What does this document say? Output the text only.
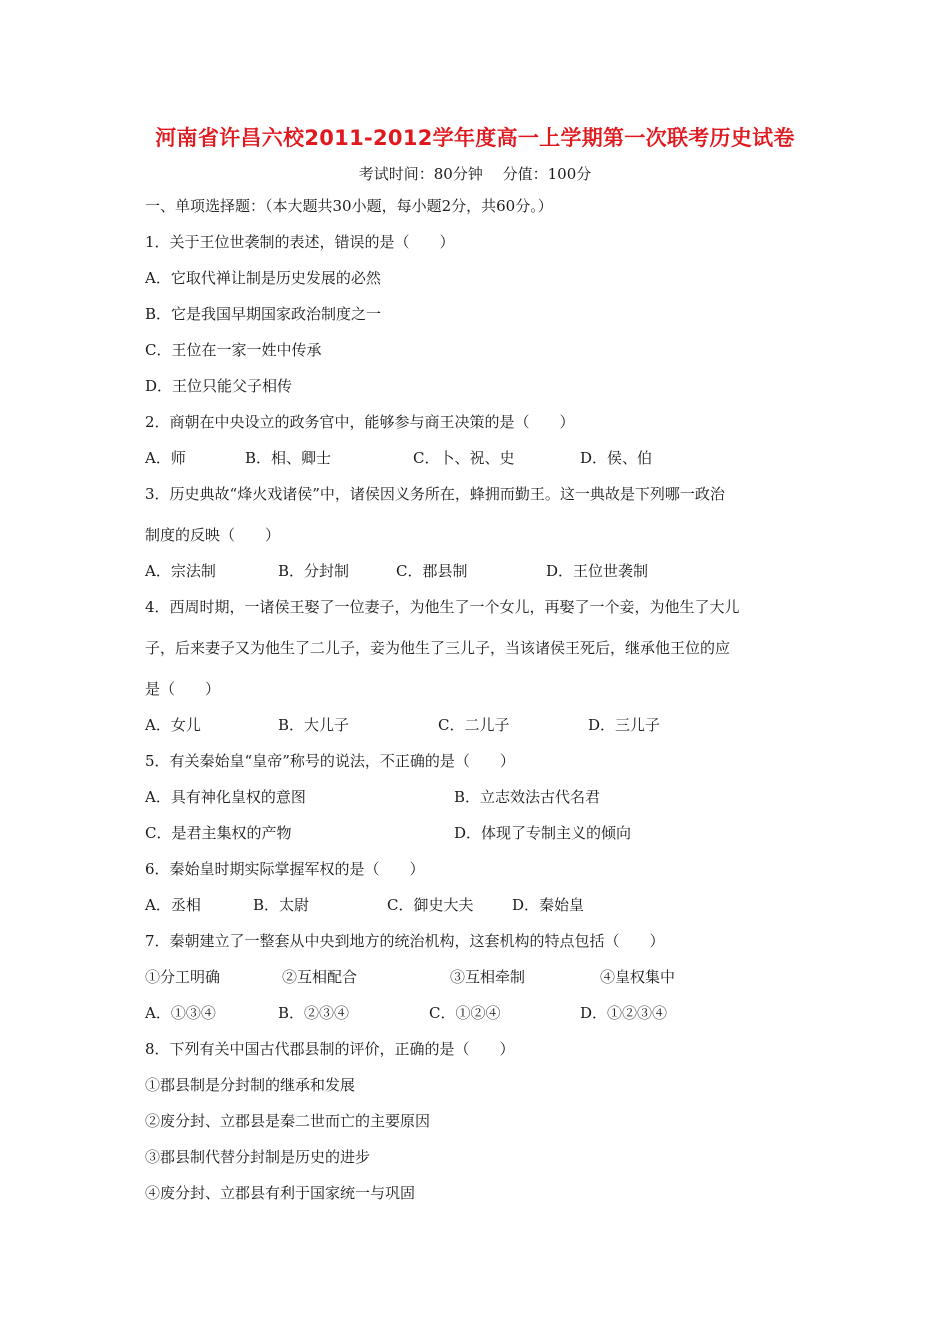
河南省许昌六校2011-2012学年度高一上学期第一次联考历史试卷
考试时间：80分钟　 分值：100分
一、单项选择题：（本大题共30小题，每小题2分，共60分。）
1．关于王位世袭制的表述，错误的是（　　）
A．它取代禅让制是历史发展的必然
B．它是我国早期国家政治制度之一
C．王位在一家一姓中传承
D．王位只能父子相传
2．商朝在中央设立的政务官中，能够参与商王决策的是（　　）
A．师	B．相、卿士	C．卜、祝、史	D．侯、伯
3．历史典故“烽火戏诸侯”中，诸侯因义务所在，蜂拥而勤王。这一典故是下列哪一政治
制度的反映（　　）
A．宗法制	B．分封制	C．郡县制	D．王位世袭制
4．西周时期，一诸侯王娶了一位妻子，为他生了一个女儿，再娶了一个妾，为他生了大儿
子，后来妻子又为他生了二儿子，妾为他生了三儿子，当该诸侯王死后，继承他王位的应
是（　　）
A．女儿	B．大儿子	C．二儿子	D．三儿子
5．有关秦始皇“皇帝”称号的说法，不正确的是（　　）
A．具有神化皇权的意图	B．立志效法古代名君
C．是君主集权的产物	D．体现了专制主义的倾向
6．秦始皇时期实际掌握军权的是（　　）
A．丞相	B．太尉	C．御史大夫	D．秦始皇
7．秦朝建立了一整套从中央到地方的统治机构，这套机构的特点包括（　　）
①分工明确	②互相配合	③互相牵制	④皇权集中
A．①③④	B．②③④	C．①②④	D．①②③④
8．下列有关中国古代郡县制的评价，正确的是（　　）
①郡县制是分封制的继承和发展
②废分封、立郡县是秦二世而亡的主要原因
③郡县制代替分封制是历史的进步
④废分封、立郡县有利于国家统一与巩固
